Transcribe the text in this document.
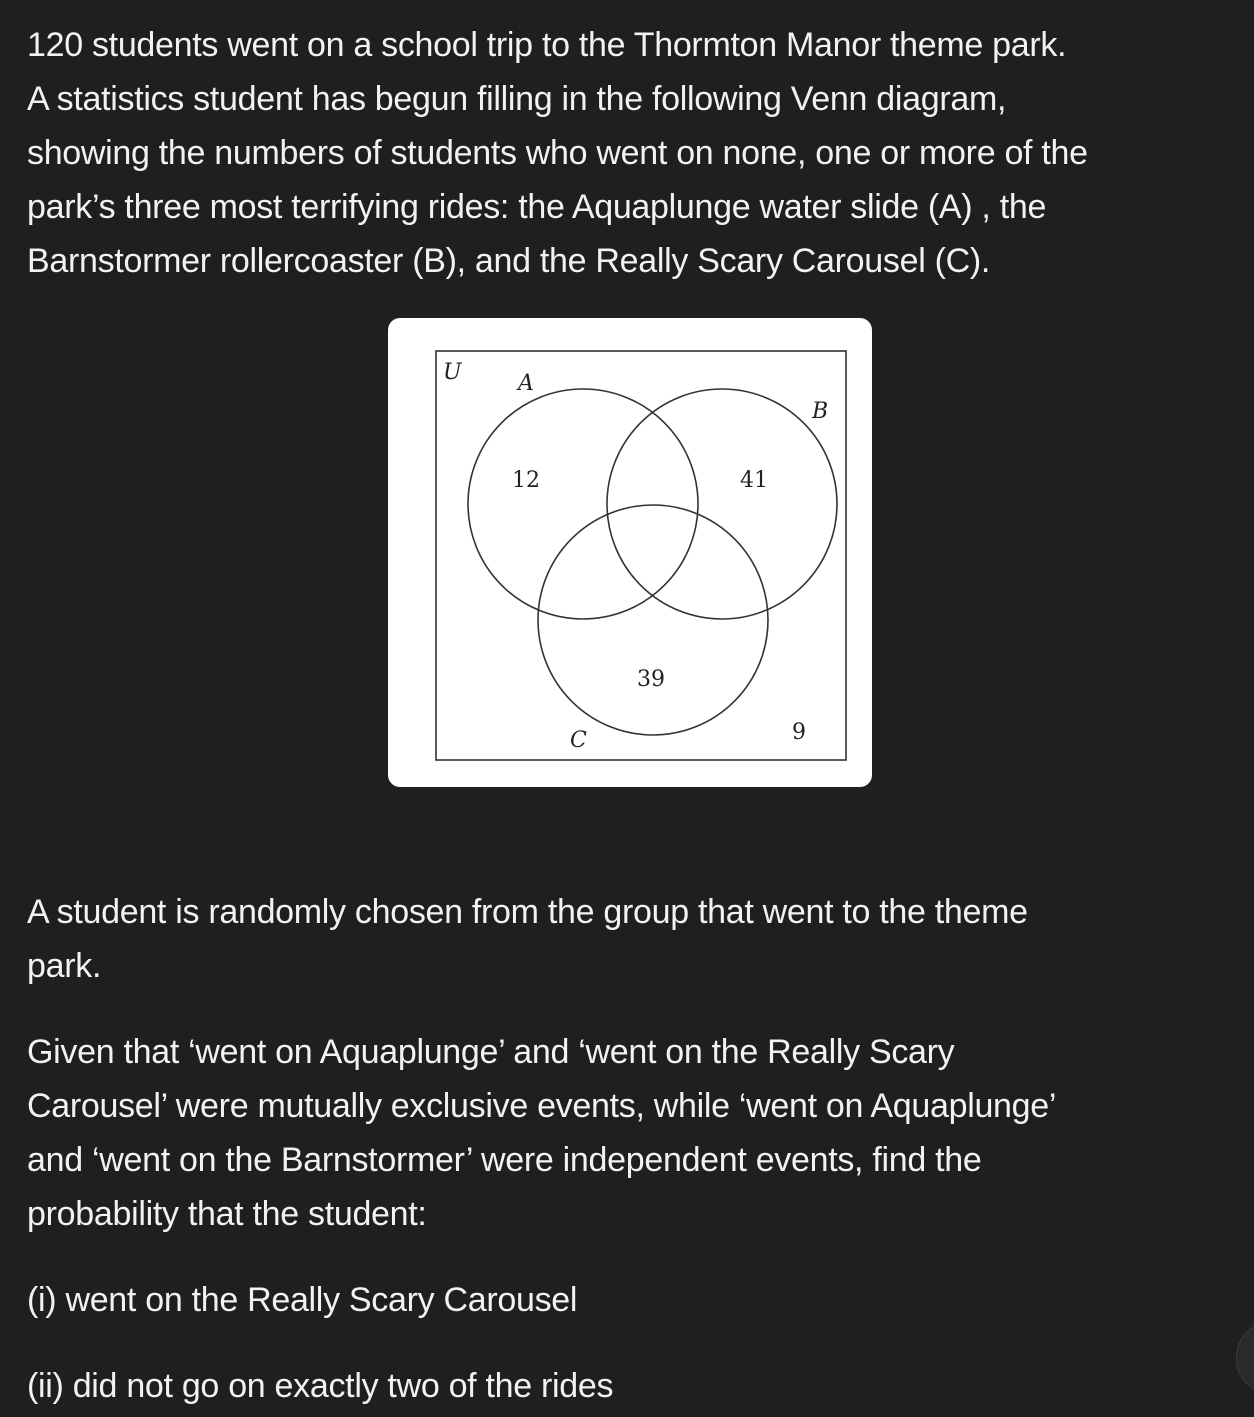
120 students went on a school trip to the Thormton Manor theme park.
A statistics student has begun filling in the following Venn diagram,
showing the numbers of students who went on none, one or more of the
park’s three most terrifying rides: the Aquaplunge water slide (A) , the
Barnstormer rollercoaster (B), and the Really Scary Carousel (C).
U	A
B
C
12	41
39
9
A student is randomly chosen from the group that went to the theme
park.
Given that ‘went on Aquaplunge’ and ‘went on the Really Scary
Carousel’ were mutually exclusive events, while ‘went on Aquaplunge’
and ‘went on the Barnstormer’ were independent events, find the
probability that the student:
(i) went on the Really Scary Carousel
(ii) did not go on exactly two of the rides
